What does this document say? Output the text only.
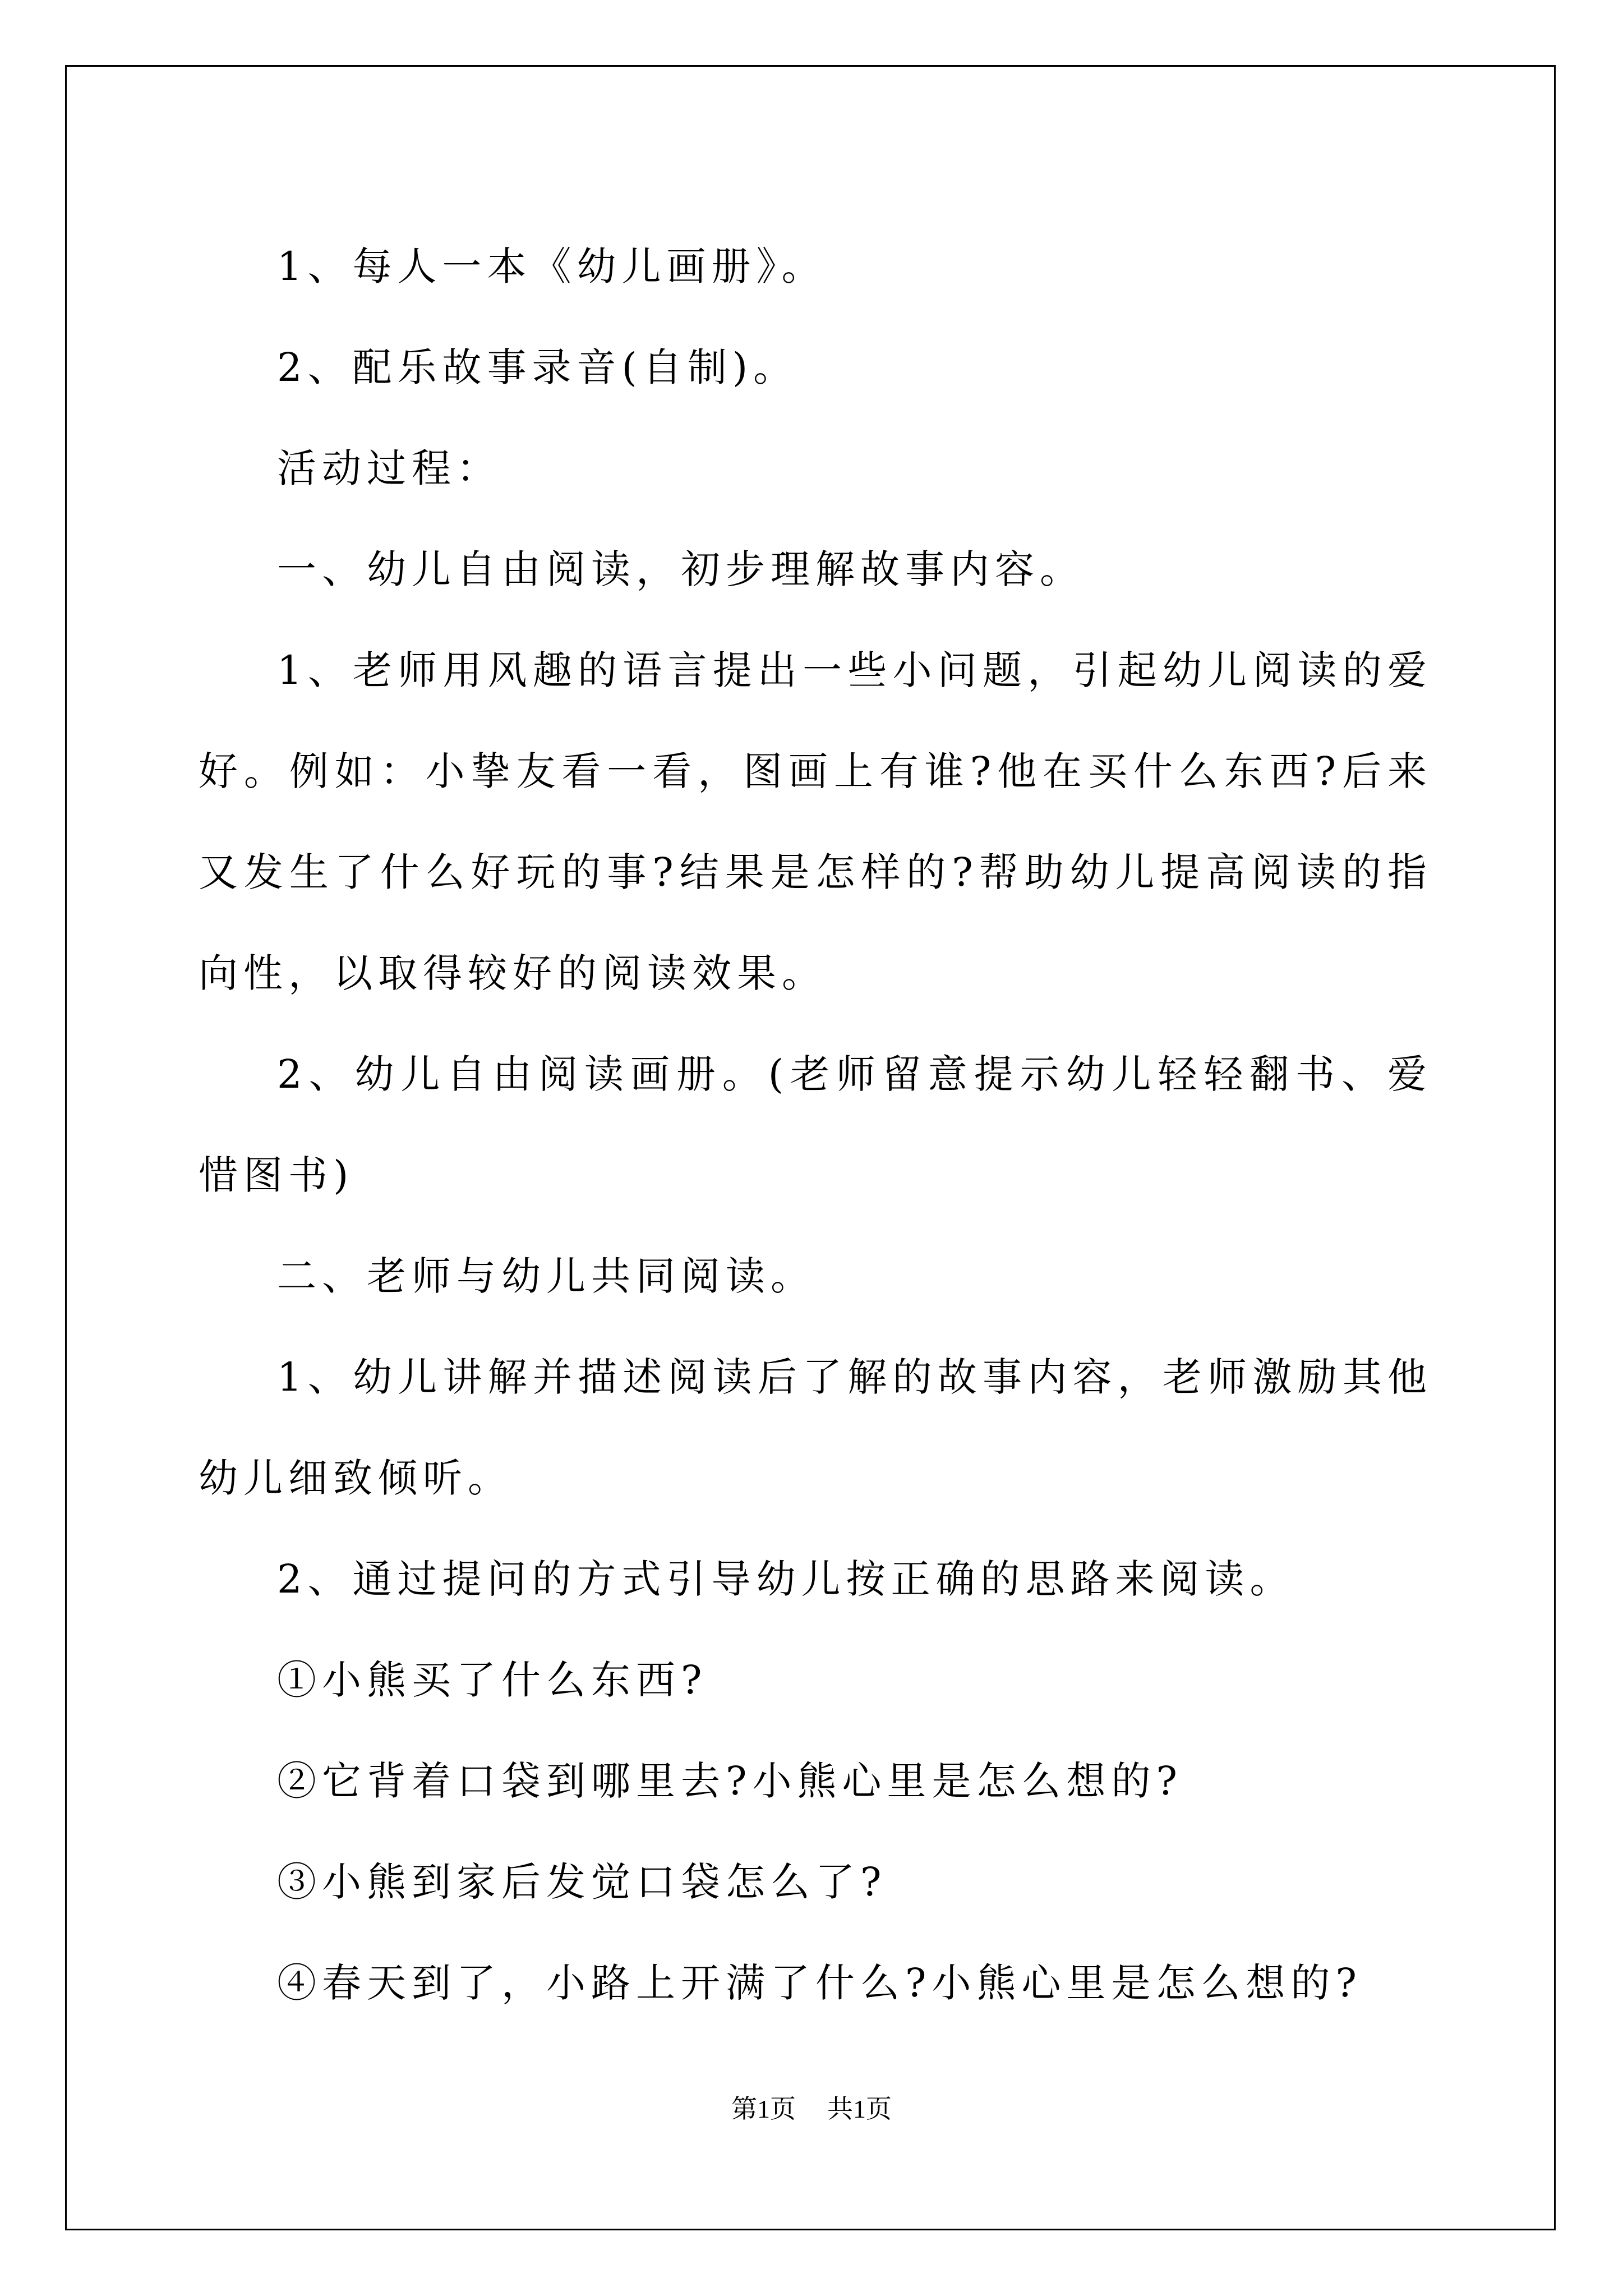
1、每人一本《幼儿画册》。

2、配乐故事录音(自制)。

活动过程：

一、幼儿自由阅读，初步理解故事内容。

1、老师用风趣的语言提出一些小问题，引起幼儿阅读的爱好。例如：小挚友看一看，图画上有谁?他在买什么东西?后来又发生了什么好玩的事?结果是怎样的?帮助幼儿提高阅读的指向性，以取得较好的阅读效果。

2、幼儿自由阅读画册。(老师留意提示幼儿轻轻翻书、爱惜图书)

二、老师与幼儿共同阅读。

1、幼儿讲解并描述阅读后了解的故事内容，老师激励其他幼儿细致倾听。

2、通过提问的方式引导幼儿按正确的思路来阅读。

①小熊买了什么东西?

②它背着口袋到哪里去?小熊心里是怎么想的?

③小熊到家后发觉口袋怎么了?

④春天到了，小路上开满了什么?小熊心里是怎么想的?

第1页 共1页
